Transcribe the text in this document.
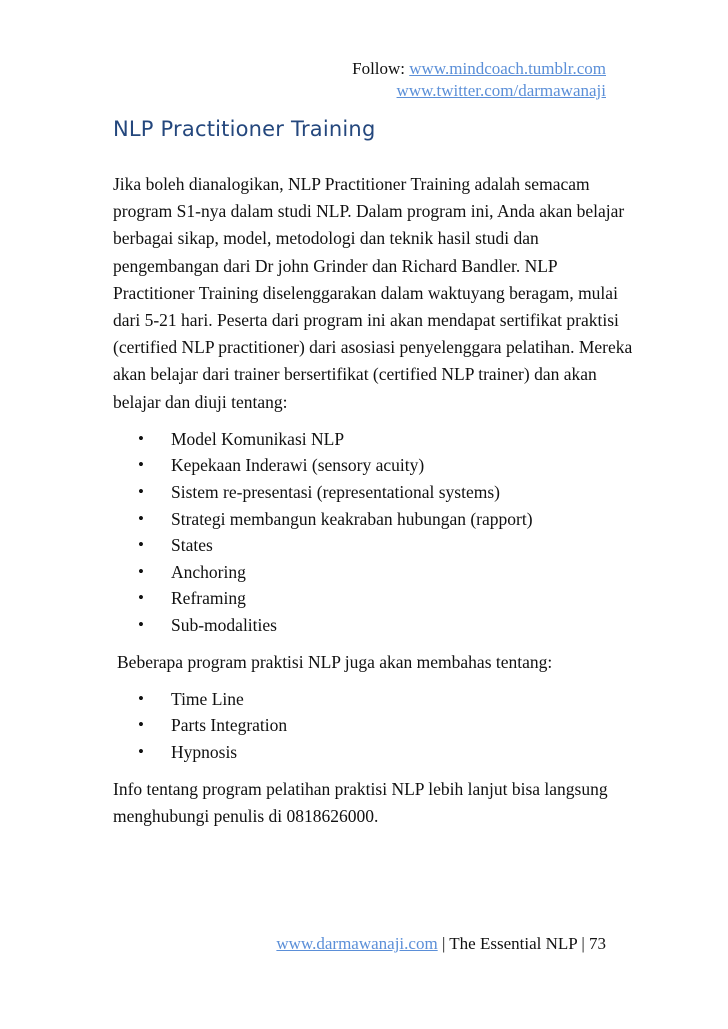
Follow: www.mindcoach.tumblr.com
www.twitter.com/darmawanaji
NLP Practitioner Training

Jika boleh dianalogikan, NLP Practitioner Training adalah semacam program S1-nya dalam studi NLP. Dalam program ini, Anda akan belajar berbagai sikap, model, metodologi dan teknik hasil studi dan pengembangan dari Dr john Grinder dan Richard Bandler. NLP Practitioner Training diselenggarakan dalam waktuyang beragam, mulai dari 5-21 hari. Peserta dari program ini akan mendapat sertifikat praktisi (certified NLP practitioner) dari asosiasi penyelenggara pelatihan. Mereka akan belajar dari trainer bersertifikat (certified NLP trainer) dan akan belajar dan diuji tentang:

• Model Komunikasi NLP
• Kepekaan Inderawi (sensory acuity)
• Sistem re-presentasi (representational systems)
• Strategi membangun keakraban hubungan (rapport)
• States
• Anchoring
• Reframing
• Sub-modalities

Beberapa program praktisi NLP juga akan membahas tentang:

• Time Line
• Parts Integration
• Hypnosis

Info tentang program pelatihan praktisi NLP lebih lanjut bisa langsung menghubungi penulis di 0818626000.

www.darmawanaji.com | The Essential NLP | 73
